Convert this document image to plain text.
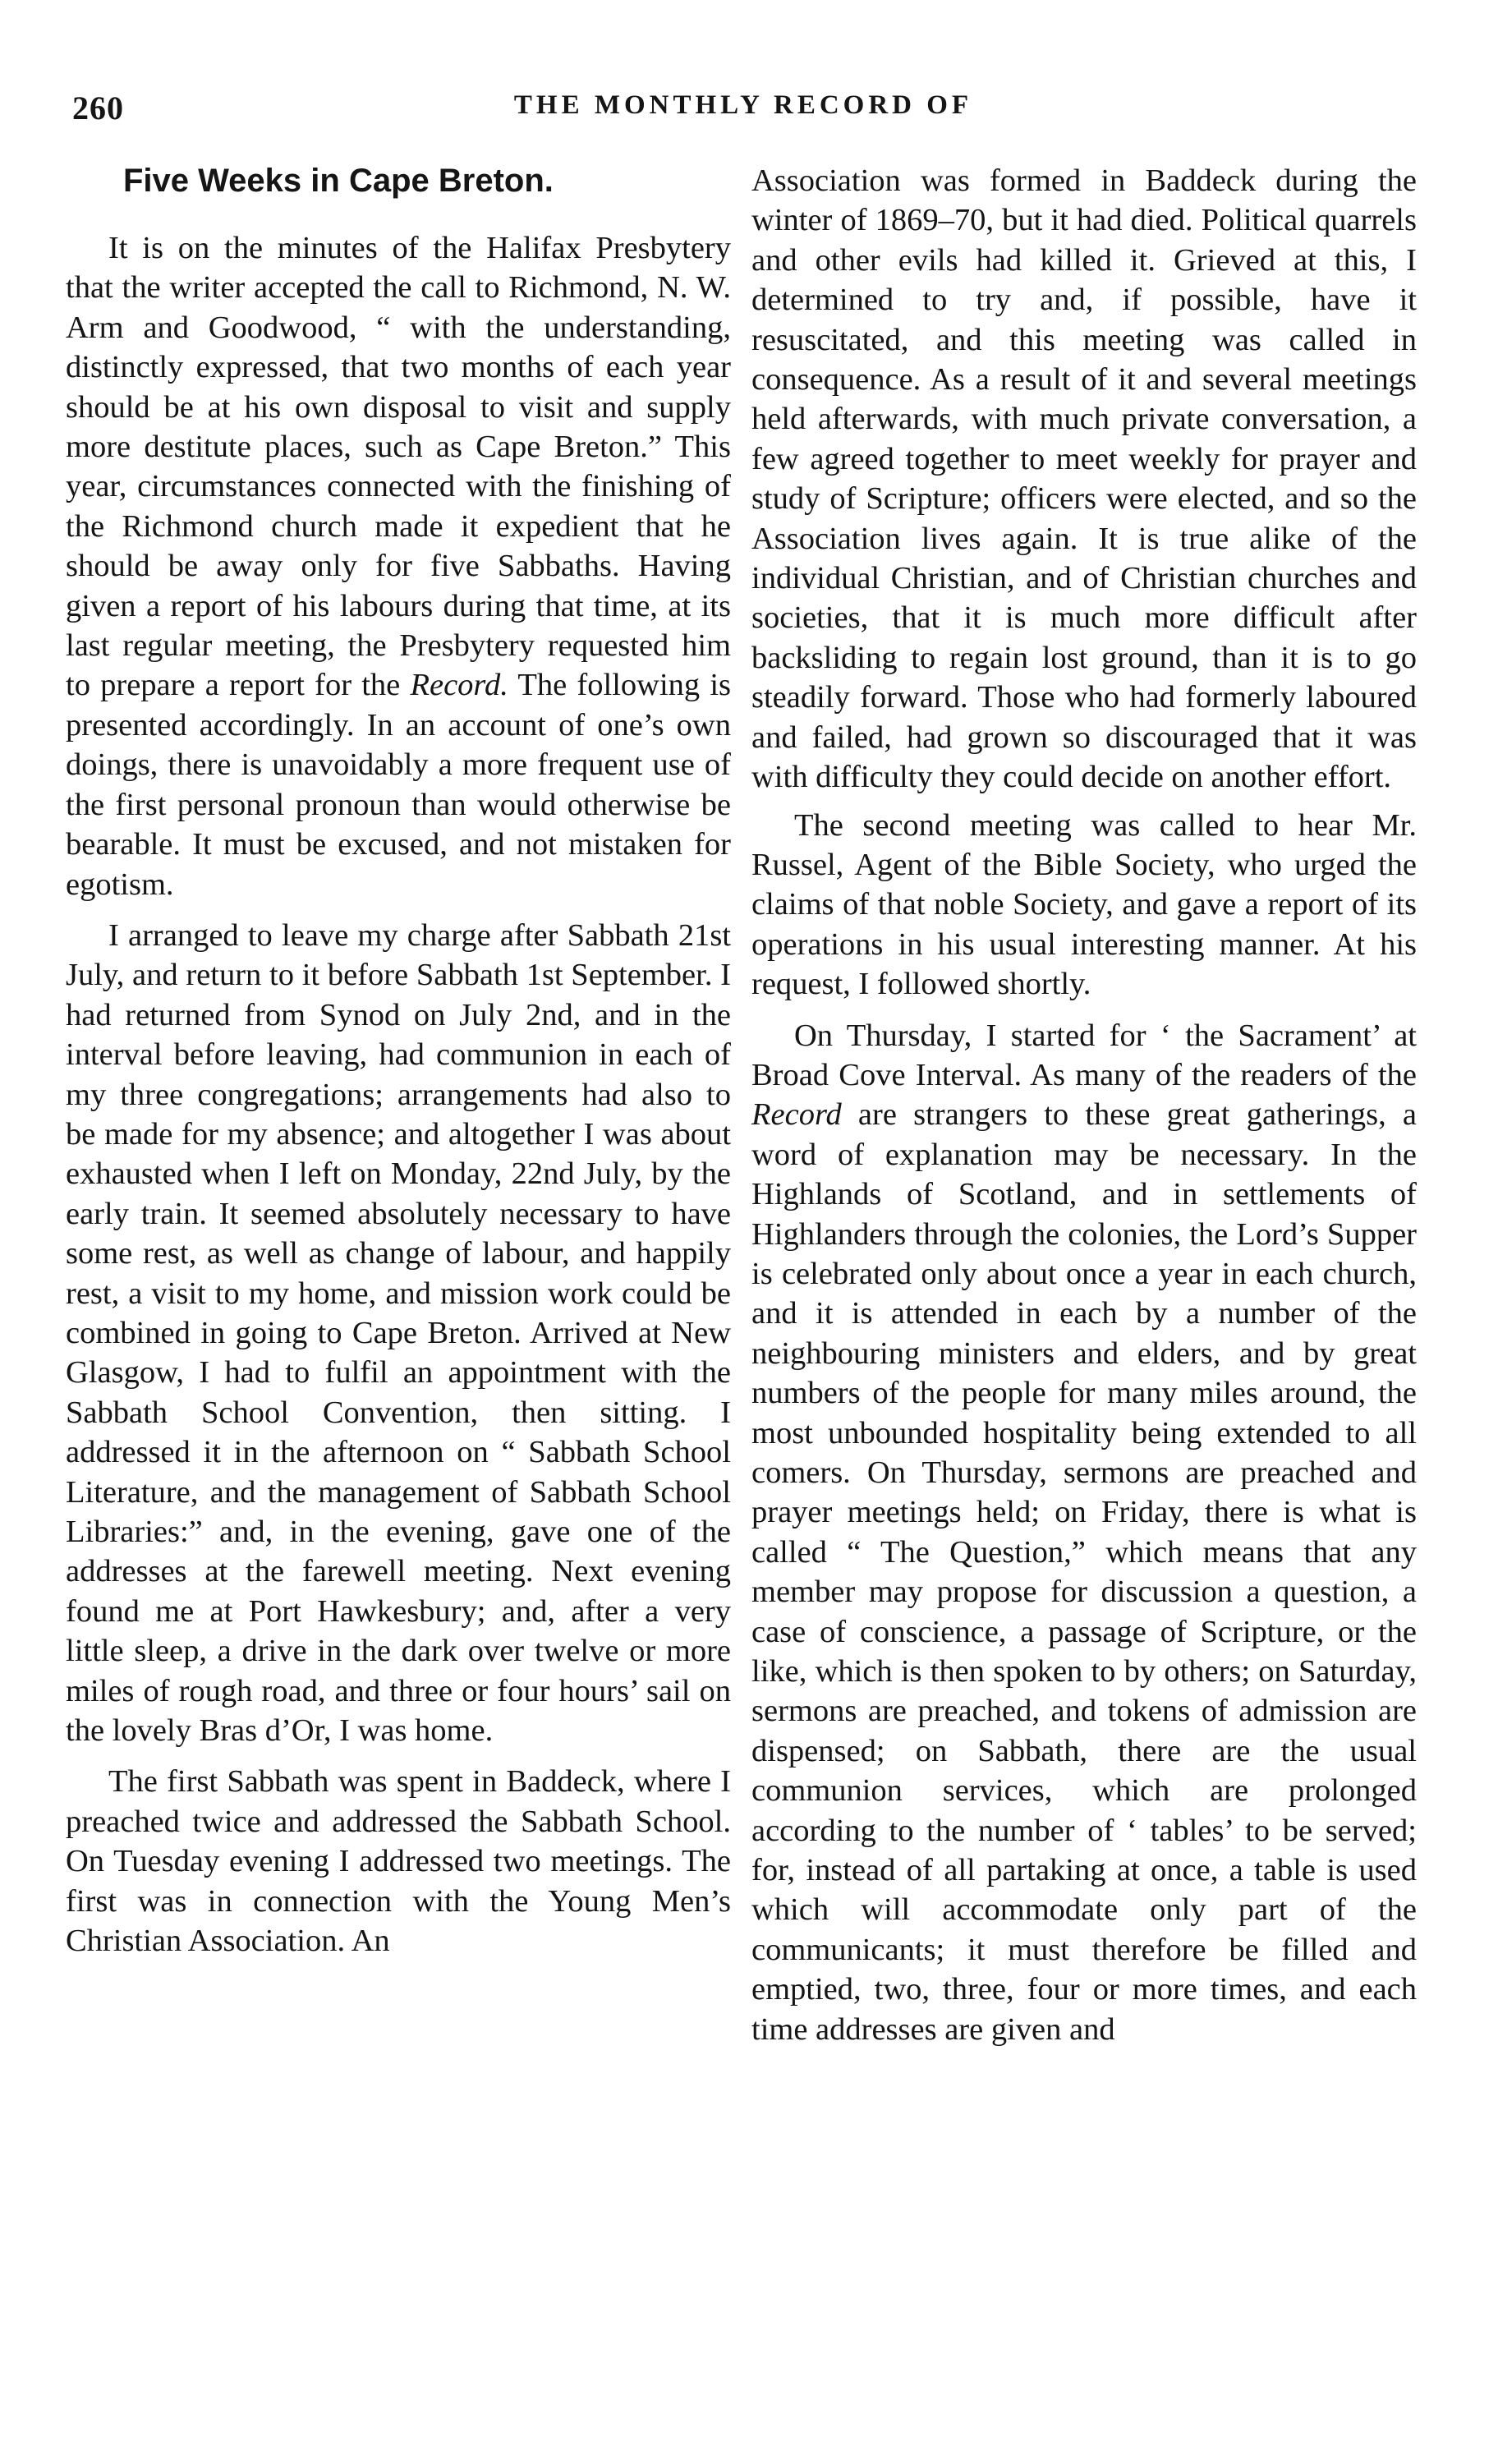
260	THE MONTHLY RECORD OF
Five Weeks in Cape Breton.

It is on the minutes of the Halifax Presbytery that the writer accepted the call to Richmond, N. W. Arm and Goodwood, “ with the understanding, distinctly expressed, that two months of each year should be at his own disposal to visit and supply more destitute places, such as Cape Breton.” This year, circumstances connected with the finishing of the Richmond church made it expedient that he should be away only for five Sabbaths. Having given a report of his labours during that time, at its last regular meeting, the Presbytery requested him to prepare a report for the Record. The following is presented accordingly. In an account of one’s own doings, there is unavoidably a more frequent use of the first personal pronoun than would otherwise be bearable. It must be excused, and not mistaken for egotism.

I arranged to leave my charge after Sabbath 21st July, and return to it before Sabbath 1st September. I had returned from Synod on July 2nd, and in the interval before leaving, had communion in each of my three congregations; arrangements had also to be made for my absence; and altogether I was about exhausted when I left on Monday, 22nd July, by the early train. It seemed absolutely necessary to have some rest, as well as change of labour, and happily rest, a visit to my home, and mission work could be combined in going to Cape Breton. Arrived at New Glasgow, I had to fulfil an appointment with the Sabbath School Convention, then sitting. I addressed it in the afternoon on “ Sabbath School Literature, and the management of Sabbath School Libraries:” and, in the evening, gave one of the addresses at the farewell meeting. Next evening found me at Port Hawkesbury; and, after a very little sleep, a drive in the dark over twelve or more miles of rough road, and three or four hours’ sail on the lovely Bras d’Or, I was home.

The first Sabbath was spent in Baddeck, where I preached twice and addressed the Sabbath School. On Tuesday evening I addressed two meetings. The first was in connection with the Young Men’s Christian Association. An

Association was formed in Baddeck during the winter of 1869–70, but it had died. Political quarrels and other evils had killed it. Grieved at this, I determined to try and, if possible, have it resuscitated, and this meeting was called in consequence. As a result of it and several meetings held afterwards, with much private conversation, a few agreed together to meet weekly for prayer and study of Scripture; officers were elected, and so the Association lives again. It is true alike of the individual Christian, and of Christian churches and societies, that it is much more difficult after backsliding to regain lost ground, than it is to go steadily forward. Those who had formerly laboured and failed, had grown so discouraged that it was with difficulty they could decide on another effort.

The second meeting was called to hear Mr. Russel, Agent of the Bible Society, who urged the claims of that noble Society, and gave a report of its operations in his usual interesting manner. At his request, I followed shortly.

On Thursday, I started for ‘ the Sacrament’ at Broad Cove Interval. As many of the readers of the Record are strangers to these great gatherings, a word of explanation may be necessary. In the Highlands of Scotland, and in settlements of Highlanders through the colonies, the Lord’s Supper is celebrated only about once a year in each church, and it is attended in each by a number of the neighbouring ministers and elders, and by great numbers of the people for many miles around, the most unbounded hospitality being extended to all comers. On Thursday, sermons are preached and prayer meetings held; on Friday, there is what is called “ The Question,” which means that any member may propose for discussion a question, a case of conscience, a passage of Scripture, or the like, which is then spoken to by others; on Saturday, sermons are preached, and tokens of admission are dispensed; on Sabbath, there are the usual communion services, which are prolonged according to the number of ‘ tables’ to be served; for, instead of all partaking at once, a table is used which will accommodate only part of the communicants; it must therefore be filled and emptied, two, three, four or more times, and each time addresses are given and
